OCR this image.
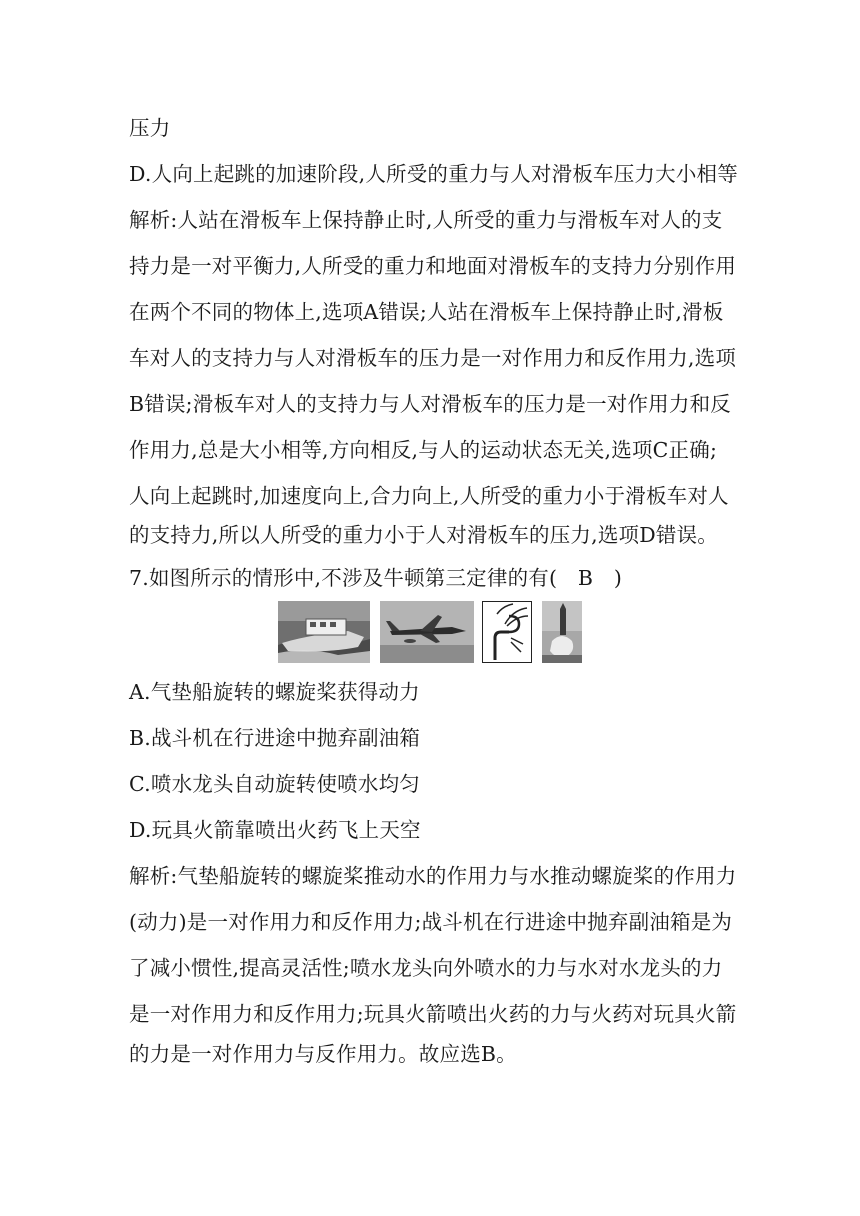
压力
D.人向上起跳的加速阶段,人所受的重力与人对滑板车压力大小相等
解析:人站在滑板车上保持静止时,人所受的重力与滑板车对人的支
持力是一对平衡力,人所受的重力和地面对滑板车的支持力分别作用
在两个不同的物体上,选项A错误;人站在滑板车上保持静止时,滑板
车对人的支持力与人对滑板车的压力是一对作用力和反作用力,选项
B错误;滑板车对人的支持力与人对滑板车的压力是一对作用力和反
作用力,总是大小相等,方向相反,与人的运动状态无关,选项C正确;
人向上起跳时,加速度向上,合力向上,人所受的重力小于滑板车对人
的支持力,所以人所受的重力小于人对滑板车的压力,选项D错误。
7.如图所示的情形中,不涉及牛顿第三定律的有(　B　)
A.气垫船旋转的螺旋桨获得动力
B.战斗机在行进途中抛弃副油箱
C.喷水龙头自动旋转使喷水均匀
D.玩具火箭靠喷出火药飞上天空
解析:气垫船旋转的螺旋桨推动水的作用力与水推动螺旋桨的作用力
(动力)是一对作用力和反作用力;战斗机在行进途中抛弃副油箱是为
了减小惯性,提高灵活性;喷水龙头向外喷水的力与水对水龙头的力
是一对作用力和反作用力;玩具火箭喷出火药的力与火药对玩具火箭
的力是一对作用力与反作用力。故应选B。
